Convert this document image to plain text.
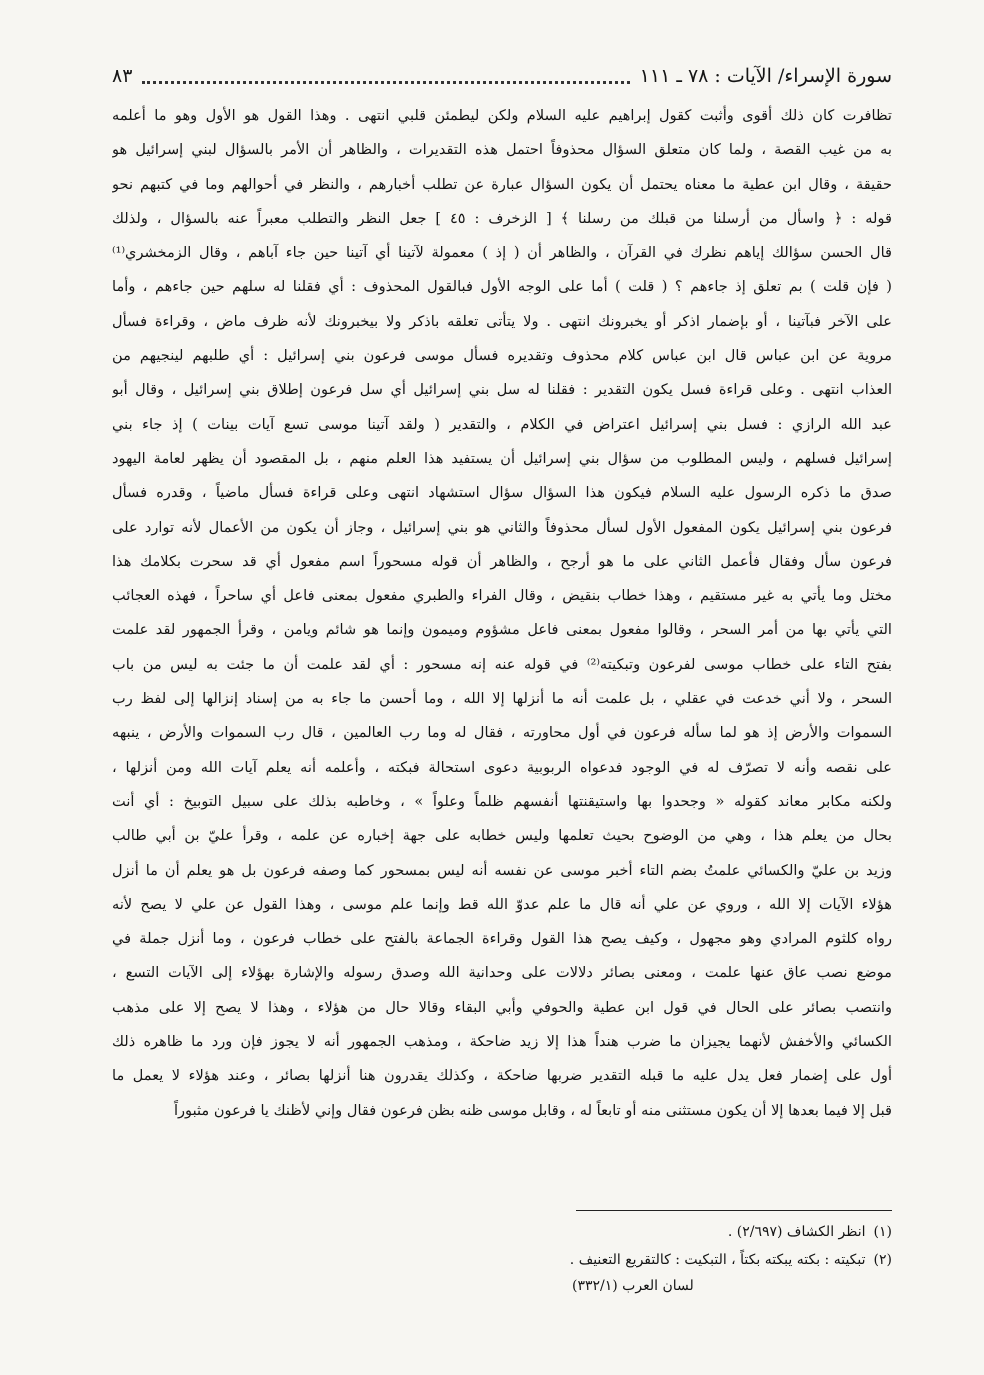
سورة الإسراء/ الآيات : ٧٨ ـ ١١١
٨٣
تظافرت كان ذلك أقوى وأثبت كقول إبراهيم عليه السلام ولكن ليطمئن قلبي انتهى . وهذا القول هو الأول وهو ما أعلمه
به من غيب القصة ، ولما كان متعلق السؤال محذوفاً احتمل هذه التقديرات ، والظاهر أن الأمر بالسؤال لبني إسرائيل هو
حقيقة ، وقال ابن عطية ما معناه يحتمل أن يكون السؤال عبارة عن تطلب أخبارهم ، والنظر في أحوالهم وما في كتبهم نحو
قوله : ﴿ واسأل من أرسلنا من قبلك من رسلنا ﴾ [ الزخرف : ٤٥ ] جعل النظر والتطلب معبراً عنه بالسؤال ، ولذلك
قال الحسن سؤالك إياهم نظرك في القرآن ، والظاهر أن ( إذ ) معمولة لآتينا أي آتينا حين جاء آباهم ، وقال الزمخشري⁽¹⁾
( فإن قلت ) بم تعلق إذ جاءهم ؟ ( قلت ) أما على الوجه الأول فبالقول المحذوف : أي فقلنا له سلهم حين جاءهم ، وأما
على الآخر فبآتينا ، أو بإضمار اذكر أو يخبرونك انتهى . ولا يتأتى تعلقه باذكر ولا بيخبرونك لأنه ظرف ماض ، وقراءة فسأل
مروية عن ابن عباس قال ابن عباس كلام محذوف وتقديره فسأل موسى فرعون بني إسرائيل : أي طلبهم لينجيهم من
العذاب انتهى . وعلى قراءة فسل يكون التقدير : فقلنا له سل بني إسرائيل أي سل فرعون إطلاق بني إسرائيل ، وقال أبو
عبد الله الرازي : فسل بني إسرائيل اعتراض في الكلام ، والتقدير ( ولقد آتينا موسى تسع آيات بينات ) إذ جاء بني
إسرائيل فسلهم ، وليس المطلوب من سؤال بني إسرائيل أن يستفيد هذا العلم منهم ، بل المقصود أن يظهر لعامة اليهود
صدق ما ذكره الرسول عليه السلام فيكون هذا السؤال سؤال استشهاد انتهى وعلى قراءة فسأل ماضياً ، وقدره فسأل
فرعون بني إسرائيل يكون المفعول الأول لسأل محذوفاً والثاني هو بني إسرائيل ، وجاز أن يكون من الأعمال لأنه توارد على
فرعون سأل وفقال فأعمل الثاني على ما هو أرجح ، والظاهر أن قوله مسحوراً اسم مفعول أي قد سحرت بكلامك هذا
مختل وما يأتي به غير مستقيم ، وهذا خطاب بنقيض ، وقال الفراء والطبري مفعول بمعنى فاعل أي ساحراً ، فهذه العجائب
التي يأتي بها من أمر السحر ، وقالوا مفعول بمعنى فاعل مشؤوم وميمون وإنما هو شائم ويامن ، وقرأ الجمهور لقد علمت
بفتح التاء على خطاب موسى لفرعون وتبكيته⁽²⁾ في قوله عنه إنه مسحور : أي لقد علمت أن ما جئت به ليس من باب
السحر ، ولا أني خدعت في عقلي ، بل علمت أنه ما أنزلها إلا الله ، وما أحسن ما جاء به من إسناد إنزالها إلى لفظ رب
السموات والأرض إذ هو لما سأله فرعون في أول محاورته ، فقال له وما رب العالمين ، قال رب السموات والأرض ، ينبهه
على نقصه وأنه لا تصرّف له في الوجود فدعواه الربوبية دعوى استحالة فبكته ، وأعلمه أنه يعلم آيات الله ومن أنزلها ،
ولكنه مكابر معاند كقوله « وجحدوا بها واستيقنتها أنفسهم ظلماً وعلواً » ، وخاطبه بذلك على سبيل التوبيخ : أي أنت
بحال من يعلم هذا ، وهي من الوضوح بحيث تعلمها وليس خطابه على جهة إخباره عن علمه ، وقرأ عليّ بن أبي طالب
وزيد بن عليّ والكسائي علمتُ بضم التاء أخبر موسى عن نفسه أنه ليس بمسحور كما وصفه فرعون بل هو يعلم أن ما أنزل
هؤلاء الآيات إلا الله ، وروي عن علي أنه قال ما علم عدوّ الله قط وإنما علم موسى ، وهذا القول عن علي لا يصح لأنه
رواه كلثوم المرادي وهو مجهول ، وكيف يصح هذا القول وقراءة الجماعة بالفتح على خطاب فرعون ، وما أنزل جملة في
موضع نصب عاق عنها علمت ، ومعنى بصائر دلالات على وحدانية الله وصدق رسوله والإشارة بهؤلاء إلى الآيات التسع ،
وانتصب بصائر على الحال في قول ابن عطية والحوفي وأبي البقاء وقالا حال من هؤلاء ، وهذا لا يصح إلا على مذهب
الكسائي والأخفش لأنهما يجيزان ما ضرب هنداً هذا إلا زيد ضاحكة ، ومذهب الجمهور أنه لا يجوز فإن ورد ما ظاهره ذلك
أول على إضمار فعل يدل عليه ما قبله التقدير ضربها ضاحكة ، وكذلك يقدرون هنا أنزلها بصائر ، وعند هؤلاء لا يعمل ما
قبل إلا فيما بعدها إلا أن يكون مستثنى منه أو تابعاً له ، وقابل موسى ظنه بظن فرعون فقال وإني لأظنك يا فرعون مثبوراً
(١)انظر الكشاف (٢/٦٩٧) .
(٢)تبكيته : بكته يبكته بكتاً ، التبكيت : كالتقريع التعنيف .
لسان العرب (٣٣٢/١)
